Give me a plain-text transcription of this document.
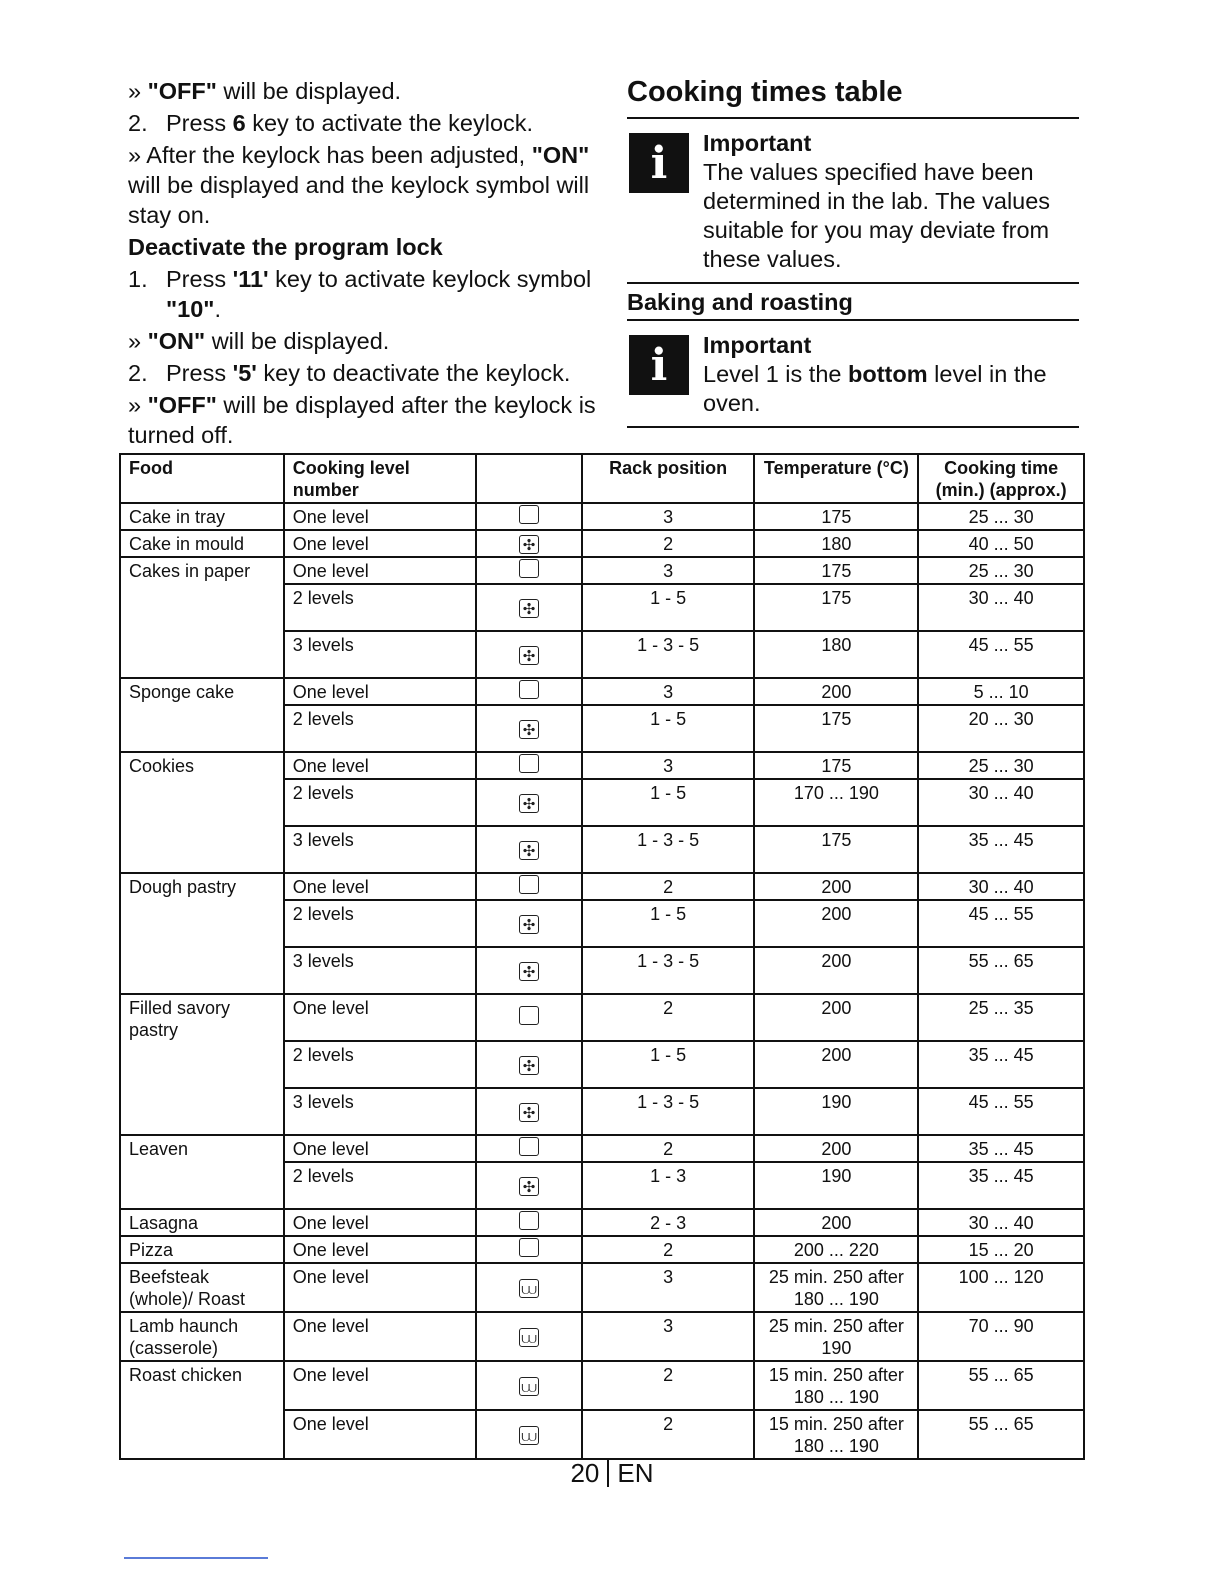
» "OFF" will be displayed.

2. Press 6 key to activate the keylock.

» After the keylock has been adjusted, "ON" will be displayed and the keylock symbol will stay on.

Deactivate the program lock

1. Press '11' key to activate keylock symbol "10".

» "ON" will be displayed.

2. Press '5' key to deactivate the keylock.

» "OFF" will be displayed after the keylock is turned off.

Cooking times table
i	Important
The values specified have been determined in the lab. The values suitable for you may deviate from these values.
Baking and roasting
i	Important
Level 1 is the bottom level in the oven.
Food	Cooking level number		Rack position	Temperature (°C)	Cooking time (min.) (approx.)
Cake in tray	One level		3	175	25 ... 30
Cake in mould	One level	✣	2	180	40 ... 50
Cakes in paper	One level		3	175	25 ... 30
	2 levels	✣	1 - 5	175	30 ... 40
	3 levels	✣	1 - 3 - 5	180	45 ... 55
Sponge cake	One level		3	200	5 ... 10
	2 levels	✣	1 - 5	175	20 ... 30
Cookies	One level		3	175	25 ... 30
	2 levels	✣	1 - 5	170 ... 190	30 ... 40
	3 levels	✣	1 - 3 - 5	175	35 ... 45
Dough pastry	One level		2	200	30 ... 40
	2 levels	✣	1 - 5	200	45 ... 55
	3 levels	✣	1 - 3 - 5	200	55 ... 65
Filled savory pastry	One level		2	200	25 ... 35
	2 levels	✣	1 - 5	200	35 ... 45
	3 levels	✣	1 - 3 - 5	190	45 ... 55
Leaven	One level		2	200	35 ... 45
	2 levels	✣	1 - 3	190	35 ... 45
Lasagna	One level		2 - 3	200	30 ... 40
Pizza	One level		2	200 ... 220	15 ... 20
Beefsteak (whole)/ Roast	One level	⩊	3	25 min. 250 after 180 ... 190	100 ... 120
Lamb haunch (casserole)	One level	⩊	3	25 min. 250 after 190	70 ... 90
Roast chicken	One level	⩊	2	15 min. 250 after 180 ... 190	55 ... 65
	One level	⩊	2	15 min. 250 after 180 ... 190	55 ... 65
20 EN
